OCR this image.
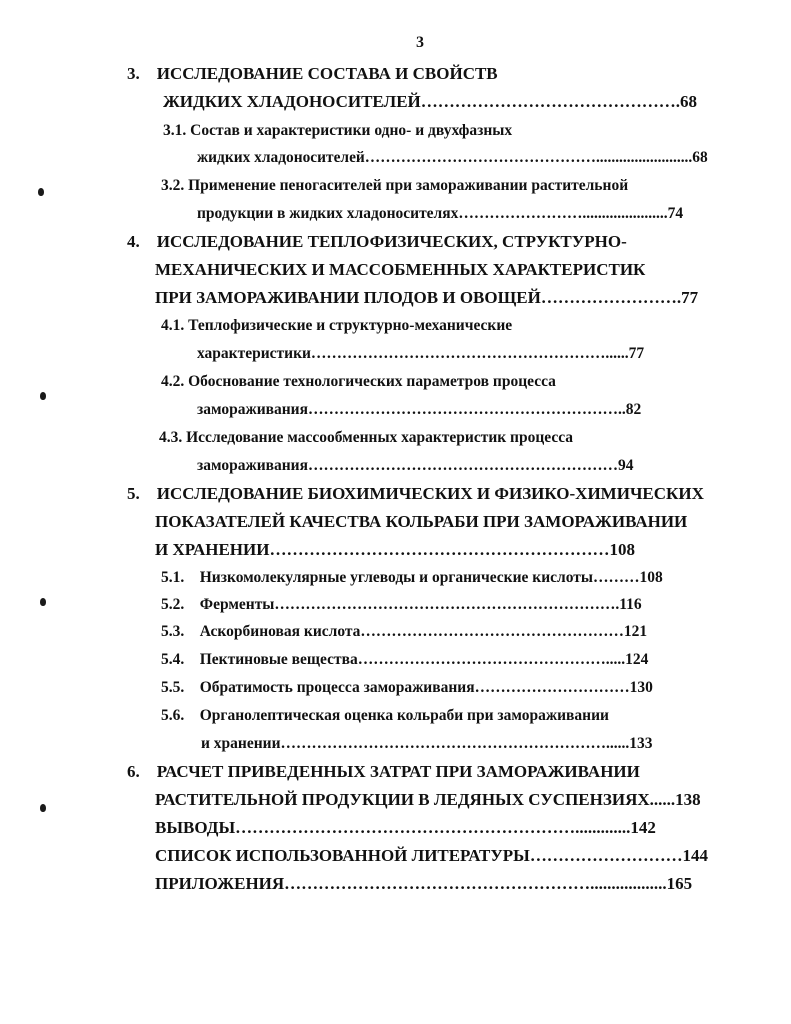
3
3.    ИССЛЕДОВАНИЕ СОСТАВА И СВОЙСТВ
ЖИДКИХ ХЛАДОНОСИТЕЛЕЙ……………………………………….68
3.1. Состав и характеристики одно- и двухфазных
жидких хладоносителей……………………………………….........................68
3.2. Применение пеногасителей при замораживании растительной
продукции в жидких хладоносителях……………………......................74
4.    ИССЛЕДОВАНИЕ ТЕПЛОФИЗИЧЕСКИХ, СТРУКТУРНО-
МЕХАНИЧЕСКИХ И МАССОБМЕННЫХ ХАРАКТЕРИСТИК
ПРИ ЗАМОРАЖИВАНИИ ПЛОДОВ И ОВОЩЕЙ…………………….77
4.1. Теплофизические и структурно-механические
характеристики…………………………………………………......77
4.2. Обоснование технологических параметров процесса
замораживания……………………………………………………..82
4.3. Исследование массообменных характеристик процесса
замораживания……………………………………………………94
5.    ИССЛЕДОВАНИЕ БИОХИМИЧЕСКИХ И ФИЗИКО-ХИМИЧЕСКИХ
ПОКАЗАТЕЛЕЙ КАЧЕСТВА КОЛЬРАБИ ПРИ ЗАМОРАЖИВАНИИ
И ХРАНЕНИИ……………………………………………………108
5.1.    Низкомолекулярные углеводы и органические кислоты………108
5.2.    Ферменты………………………………………………………….116
5.3.    Аскорбиновая кислота……………………………………………121
5.4.    Пектиновые вещества………………………………………….....124
5.5.    Обратимость процесса замораживания…………………………130
5.6.    Органолептическая оценка кольраби при замораживании
и хранении………………………………………………………......133
6.    РАСЧЕТ ПРИВЕДЕННЫХ ЗАТРАТ ПРИ ЗАМОРАЖИВАНИИ
РАСТИТЕЛЬНОЙ ПРОДУКЦИИ В ЛЕДЯНЫХ СУСПЕНЗИЯХ......138
ВЫВОДЫ…………………………………………………….............142
СПИСОК ИСПОЛЬЗОВАННОЙ ЛИТЕРАТУРЫ………………………144
ПРИЛОЖЕНИЯ………………………………………………..................165
